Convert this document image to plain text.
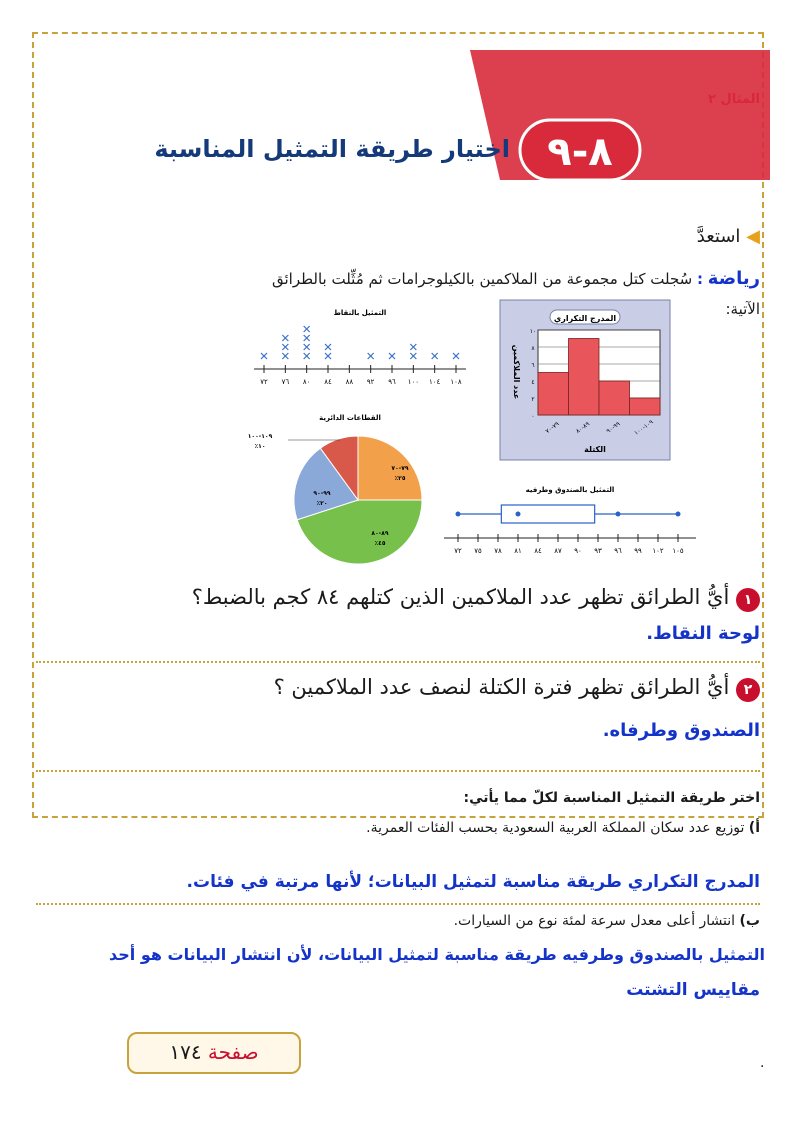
٨-٩
اختيار طريقة التمثيل المناسبة
◀ استعدَّ
رياضة : سُجلت كتل مجموعة من الملاكمين بالكيلوجرامات ثم مُثِّلت بالطرائق
الآتية:
التمثيل بالنقاط
٧٢ ٧٦ ٨٠ ٨٤ ٨٨ ٩٢ ٩٦ ١٠٠ ١٠٤ ١٠٨
المدرج التكراري
١٠
٨
٦
٤
٢
٠
٧٩-٧٠
٨٩-٨٠
٩٩-٩٠
١٠٩-١٠٠
الكتلة
عدد الملاكمين
القطاعات الدائرية
٧٩-٧٠
٪٢٥
٨٩-٨٠
٪٤٥
٩٩-٩٠
٪٢٠
١٠٩-١٠٠
٪١٠
التمثيل بالصندوق وطرفيه
٧٢ ٧٥ ٧٨ ٨١ ٨٤ ٨٧ ٩٠ ٩٣ ٩٦ ٩٩ ١٠٢ ١٠٥
١ أيُّ الطرائق تظهر عدد الملاكمين الذين كتلهم ٨٤ كجم بالضبط؟
لوحة النقاط.
٢ أيُّ الطرائق تظهر فترة الكتلة لنصف عدد الملاكمين ؟
الصندوق وطرفاه.
اختر طريقة التمثيل المناسبة لكلّ مما يأتي:
أ) توزيع عدد سكان المملكة العربية السعودية بحسب الفئات العمرية.
المدرج التكراري طريقة مناسبة لتمثيل البيانات؛ لأنها مرتبة في فئات.
ب) انتشار أعلى معدل سرعة لمئة نوع من السيارات.
التمثيل بالصندوق وطرفيه طريقة مناسبة لتمثيل البيانات، لأن انتشار البيانات هو أحد
مقاييس التشتت
صفحة ١٧٤	.
